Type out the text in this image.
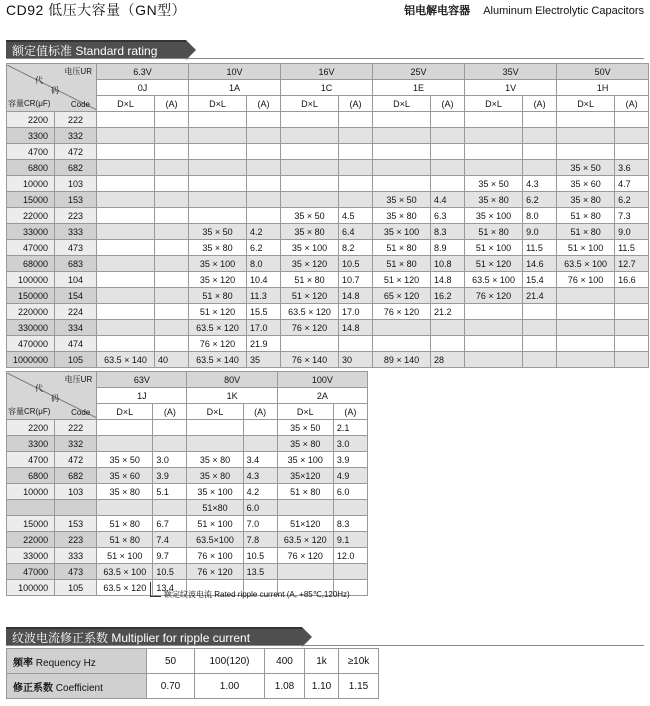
CD92 低压大容量（GN型）	铝电解电容器 Aluminum Electrolytic Capacitors
额定值标准 Standard rating
电压UR
代
码
容量CR(μF) Code		6.3V		10V		16V		25V		35V		50V	
		0J		1A		1C		1E		1V		1H	
		D×L	(A)	D×L	(A)	D×L	(A)	D×L	(A)	D×L	(A)	D×L	(A)
2200	222												
3300	332												
4700	472												
6800	682											35 × 50	3.6
10000	103									35 × 50	4.3	35 × 60	4.7
15000	153							35 × 50	4.4	35 × 80	6.2	35 × 80	6.2
22000	223					35 × 50	4.5	35 × 80	6.3	35 × 100	8.0	51 × 80	7.3
33000	333			35 × 50	4.2	35 × 80	6.4	35 × 100	8.3	51 × 80	9.0	51 × 80	9.0
47000	473			35 × 80	6.2	35 × 100	8.2	51 × 80	8.9	51 × 100	11.5	51 × 100	11.5
68000	683			35 × 100	8.0	35 × 120	10.5	51 × 80	10.8	51 × 120	14.6	63.5 × 100	12.7
100000	104			35 × 120	10.4	51 × 80	10.7	51 × 120	14.8	63.5 × 100	15.4	76 × 100	16.6
150000	154			51 × 80	11.3	51 × 120	14.8	65 × 120	16.2	76 × 120	21.4		
220000	224			51 × 120	15.5	63.5 × 120	17.0	76 × 120	21.2				
330000	334			63.5 × 120	17.0	76 × 120	14.8						
470000	474			76 × 120	21.9								
1000000	105	63.5 × 140	40	63.5 × 140	35	76 × 140	30	89 × 140	28				
电压UR
代
码
容量CR(μF) Code		63V		80V		100V	
		1J		1K		2A	
		D×L	(A)	D×L	(A)	D×L	(A)
2200	222					35 × 50	2.1
3300	332					35 × 80	3.0
4700	472	35 × 50	3.0	35 × 80	3.4	35 × 100	3.9
6800	682	35 × 60	3.9	35 × 80	4.3	35×120	4.9
10000	103	35 × 80	5.1	35 × 100	4.2	51 × 80	6.0
				51×80	6.0		
15000	153	51 × 80	6.7	51 × 100	7.0	51×120	8.3
22000	223	51 × 80	7.4	63.5×100	7.8	63.5 × 120	9.1
33000	333	51 × 100	9.7	76 × 100	10.5	76 × 120	12.0
47000	473	63.5 × 100	10.5	76 × 120	13.5		
100000	105	63.5 × 120	13.4				
额定纹波电流 Rated ripple current (A, +85℃,120Hz)
纹波电流修正系数 Multiplier for ripple current
频率 Requency Hz	50	100(120)	400	1k	≥10k
修正系数 Coefficient	0.70	1.00	1.08	1.10	1.15
